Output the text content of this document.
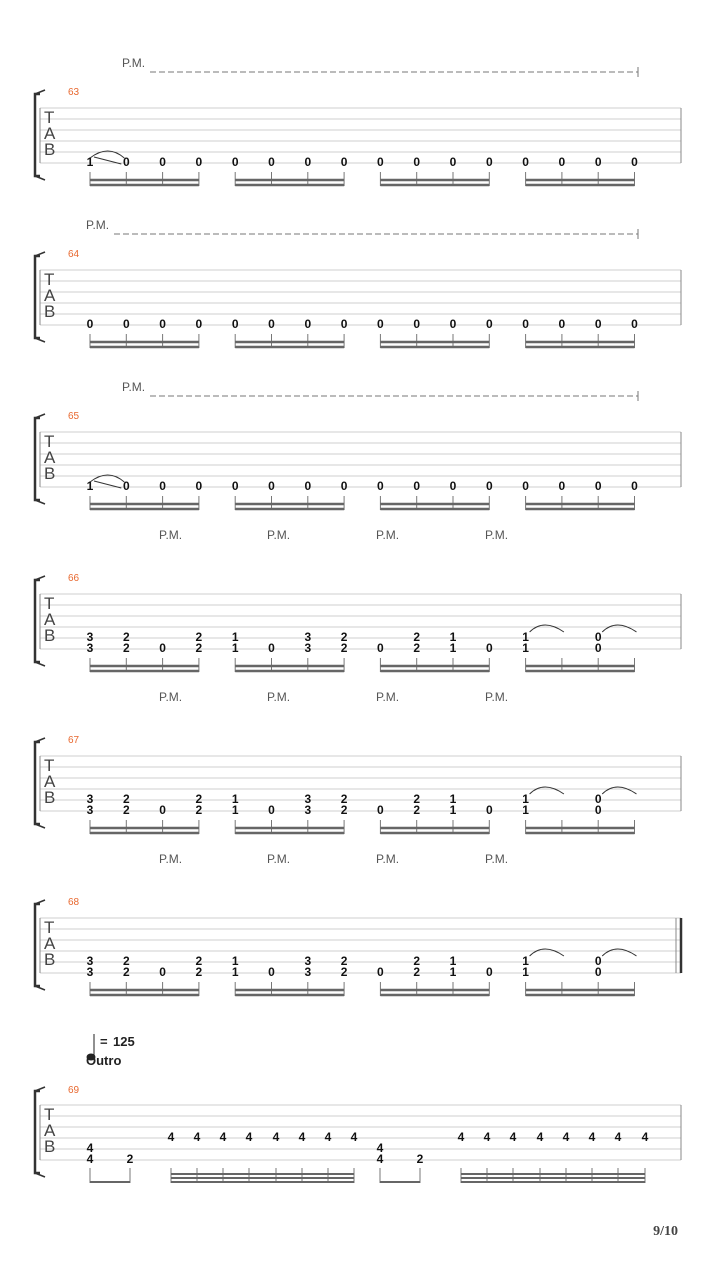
T
A
B
63
P.M.
1 0 0 0 0 0 0 0 0 0 0 0 0 0 0 0
T
A
B
64
P.M.
0 0 0 0 0 0 0 0 0 0 0 0 0 0 0 0
T
A
B
65
P.M.
1 0 0 0 0 0 0 0 0 0 0 0 0 0 0 0
T
A
B
66
P.M.	P.M.	P.M.	P.M.
3
3
2
2 0
2
2
1
1 0
3
3
2
2 0
2
2
1
1 0
1
1
0
0
T
A
B
67
P.M.	P.M.	P.M.	P.M.
3
3
2
2 0
2
2
1
1 0
3
3
2
2 0
2
2
1
1 0
1
1
0
0
T
A
B
68
P.M.	P.M.	P.M.	P.M.
3
3
2
2 0
2
2
1
1 0
3
3
2
2 0
2
2
1
1 0
1
1
0
0
T
A
B
69
4
4	2
4 4 4 4 4 4 4 4
4
4	2
4 4 4 4 4 4 4 4
= 125
Outro
9/10
